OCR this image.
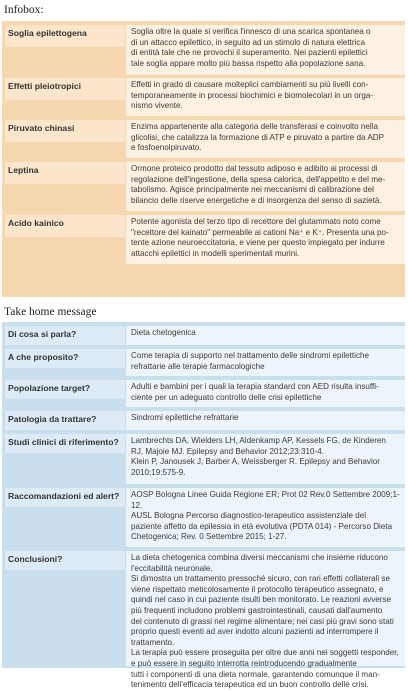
Infobox:
Soglia epilettogena	Soglia oltre la quale si verifica l'innesco di una scarica spontanea o
di un attacco epilettico, in seguito ad un stimolo di natura elettrica
di entità tale che ne provochi il superamento. Nei pazienti epilettici
tale soglia appare molto più bassa rispetto alla popolazione sana.

Effetti pleiotropici	Effetti in grado di causare molteplici cambiamenti su più livelli con-
temporaneamente in processi biochimici e biomolecolari in un orga-
nismo vivente.

Piruvato chinasi	Enzima appartenente alla categoria delle transferasi e coinvolto nella
glicolisi, che catalizza la formazione di ATP e piruvato a partire da ADP
e fosfoenolpiruvato.

Leptina	Ormone proteico prodotto dal tessuto adiposo e adibito ai processi di
regolazione dell'ingestione, della spesa calorica, dell'appetito e del me-
tabolismo. Agisce principalmente nei meccanismi di calibrazione del
bilancio delle riserve energetiche e di insorgenza del senso di sazietà.

Acido kainico	Potente agonista del terzo tipo di recettore del glutammato noto come
"recettore del kainato" permeabile ai cationi Na⁺ e K⁺. Presenta una po-
tente azione neuroeccitatoria, e viene per questo impiegato per indurre
attacchi epilettici in modelli sperimentali murini.

Take home message
Di cosa si parla?	Dieta chetogenica

A che proposito?	Come terapia di supporto nel trattamento delle sindromi epilettiche
refrattarie alle terapie farmacologiche

Popolazione target?	Adulti e bambini per i quali la terapia standard con AED risulta insuffi-
ciente per un adeguato controllo delle crisi epilettiche

Patologia da trattare?	Sindromi epilettiche refrattarie

Studi clinici di riferimento?	Lambrechts DA, Wielders LH, Aldenkamp AP, Kessels FG, de Kinderen
RJ, Majoie MJ. Epilepsy and Behavior 2012;23:310-4.
Klein P, Janousek J, Barber A, Weissberger R. Epilepsy and Behavior
2010;19:575-9.

Raccomandazioni ed alert?	AOSP Bologna Linee Guida Regione ER; Prot 02 Rev.0 Settembre 2009;1-
12.
AUSL Bologna Percorso diagnostico-terapeutico assistenziale del
paziente affetto da epilessia in età evolutiva (PDTA 014) - Percorso Dieta
Chetogenica; Rev. 0 Settembre 2015; 1-27.

Conclusioni?	La dieta chetogenica combina diversi meccanismi che insieme riducono
l'eccitabilità neuronale.
Si dimostra un trattamento pressoché sicuro, con rari effetti collaterali se
viene rispettato meticolosamente il protocollo terapeutico assegnato, e
quindi nel caso in cui paziente risulti ben monitorato. Le reazioni avverse
più frequenti includono problemi gastrointestinali, causati dall'aumento
del contenuto di grassi nel regime alimentare; nei casi più gravi sono stati
proprio questi eventi ad aver indotto alcuni pazienti ad interrompere il
trattamento.
La terapia può essere proseguita per oltre due anni nei soggetti responder,
e può essere in seguito interrotta reintroducendo gradualmente
tutti i componenti di una dieta normale, garantendo comunque il man-
tenimento dell'efficacia terapeutica ed un buon controllo delle crisi.
